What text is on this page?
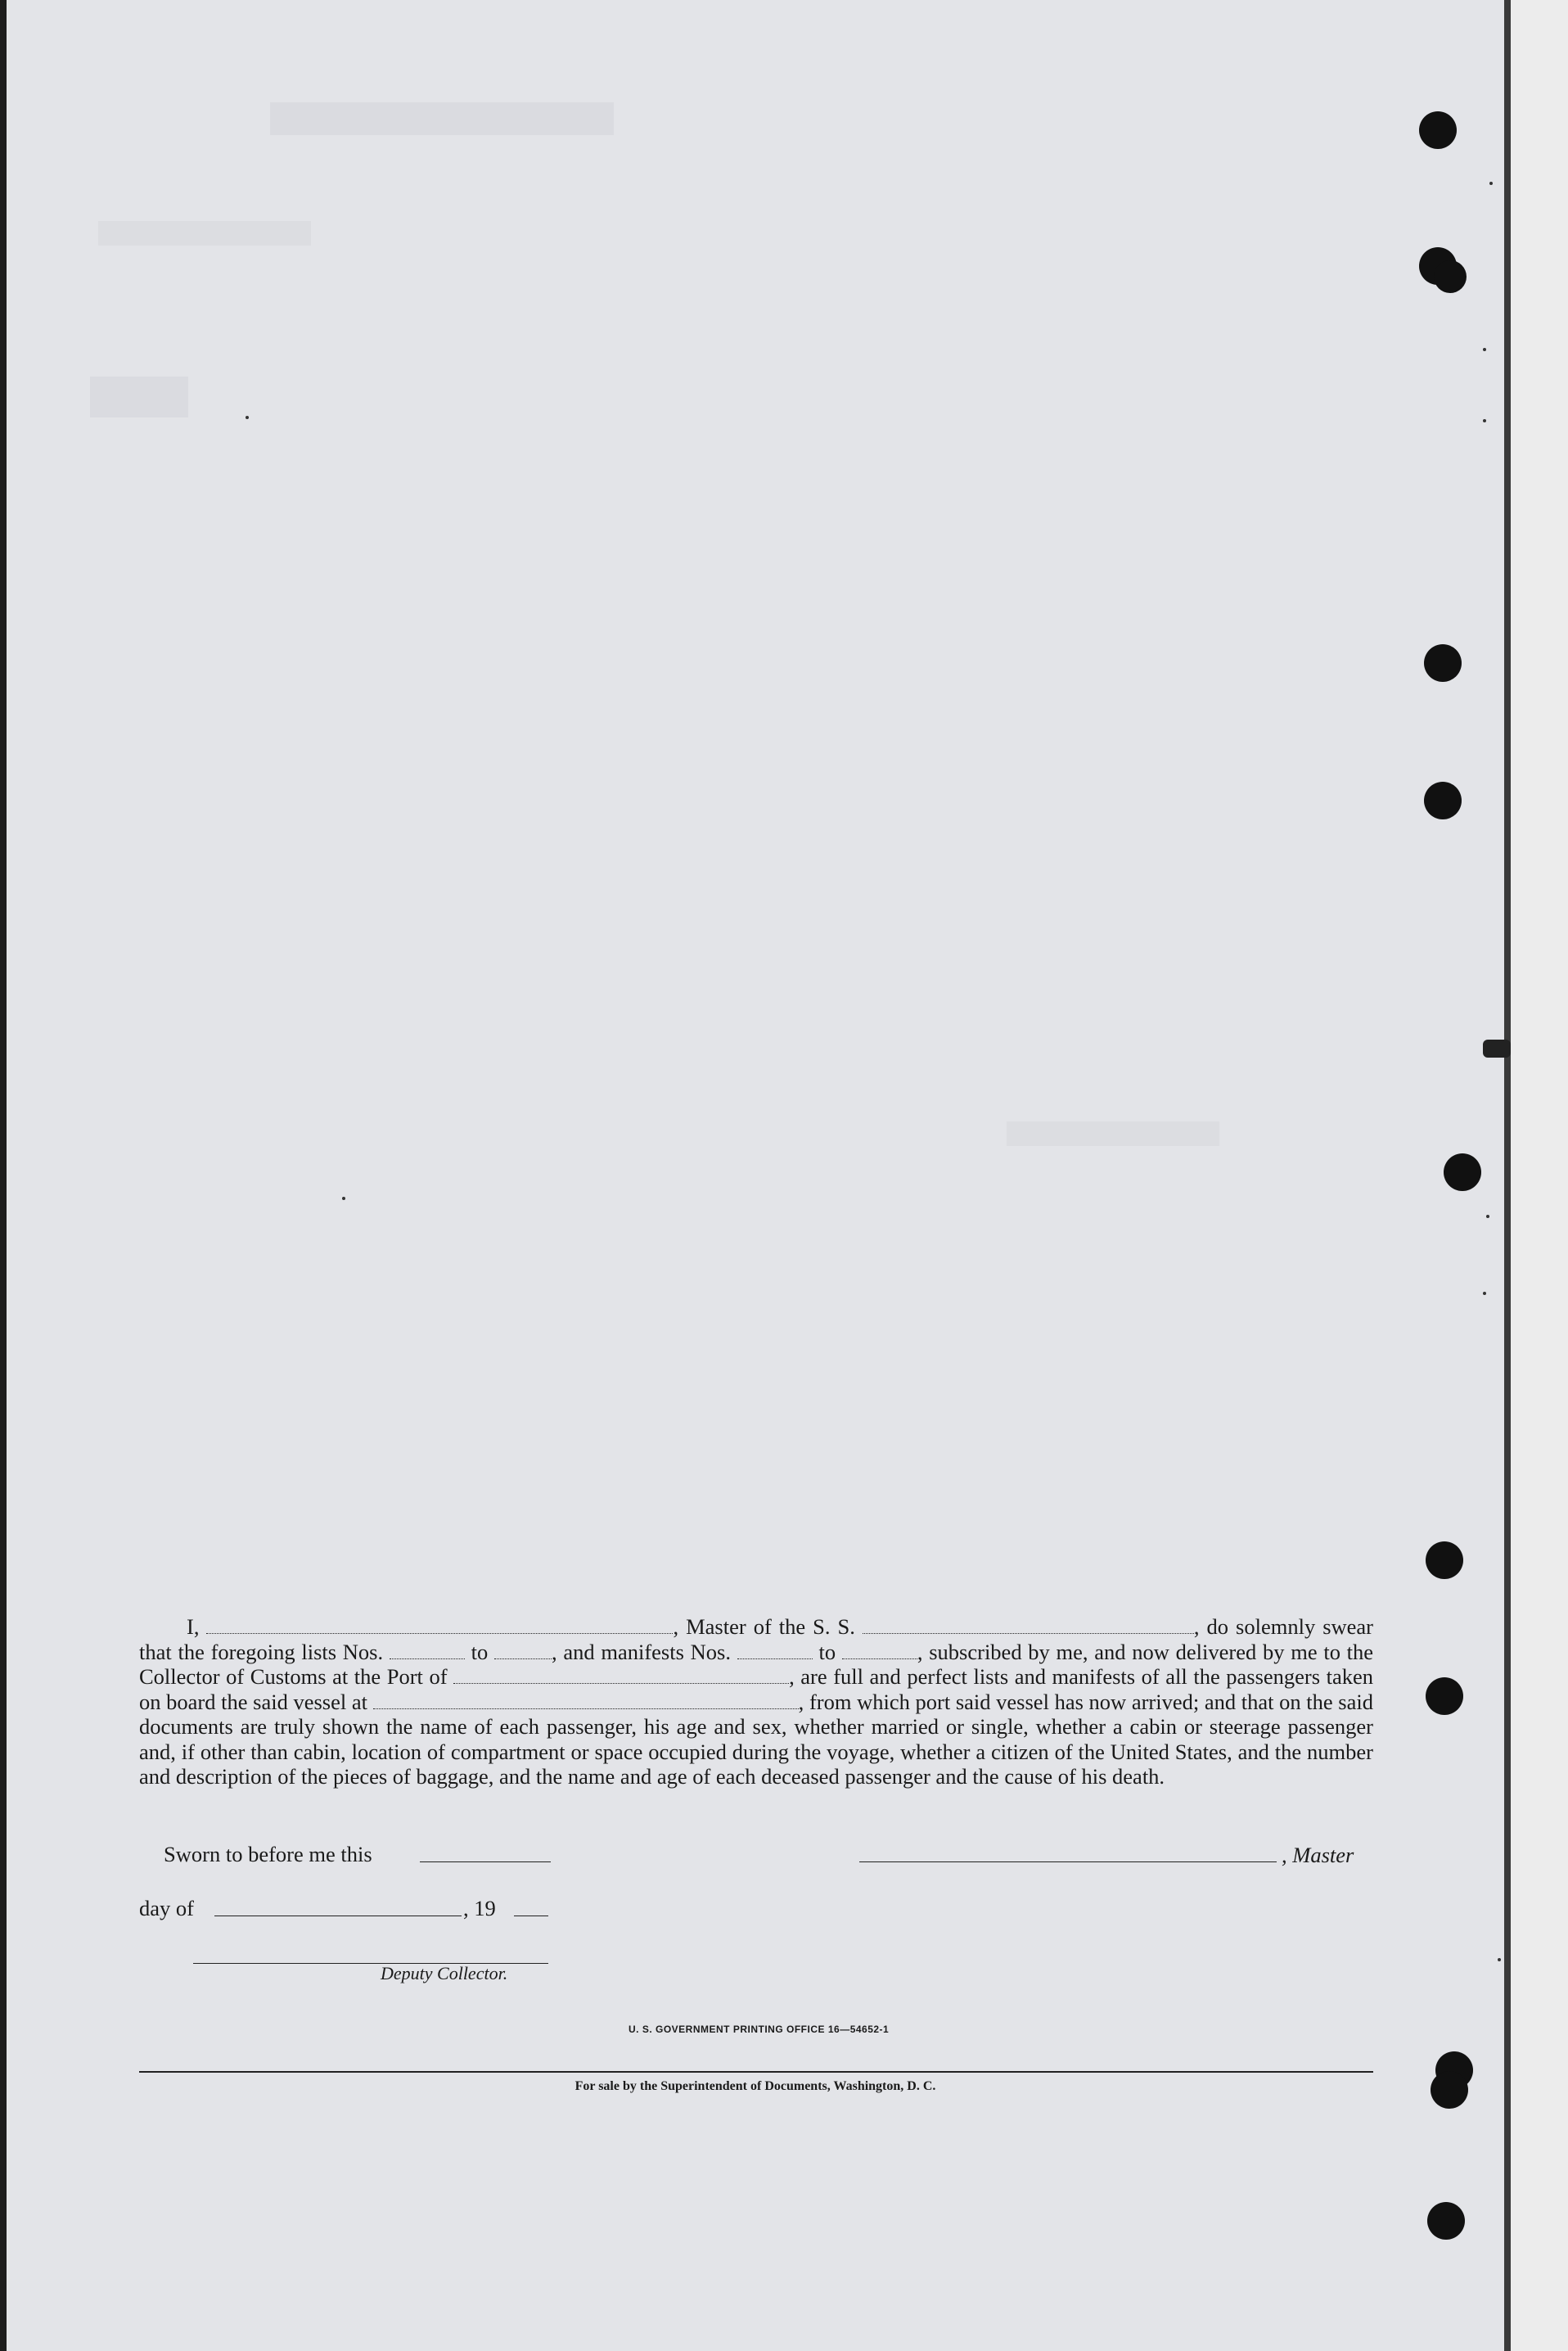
I,	, Master of the S. S.	, do solemnly swear that the foregoing lists Nos.	to	, and manifests Nos.	to	, subscribed by me, and now delivered by me to the Collector of Customs at the Port of	, are full and perfect lists and manifests of all the passengers taken on board the said vessel at	, from which port said vessel has now arrived; and that on the said documents are truly shown the name of each passenger, his age and sex, whether married or single, whether a cabin or steerage passenger and, if other than cabin, location of compartment or space occupied during the voyage, whether a citizen of the United States, and the number and description of the pieces of baggage, and the name and age of each deceased passenger and the cause of his death.

Sworn to before me this	, Master
day of	, 19
Deputy Collector.
U. S. GOVERNMENT PRINTING OFFICE 16—54652-1
For sale by the Superintendent of Documents, Washington, D. C.
